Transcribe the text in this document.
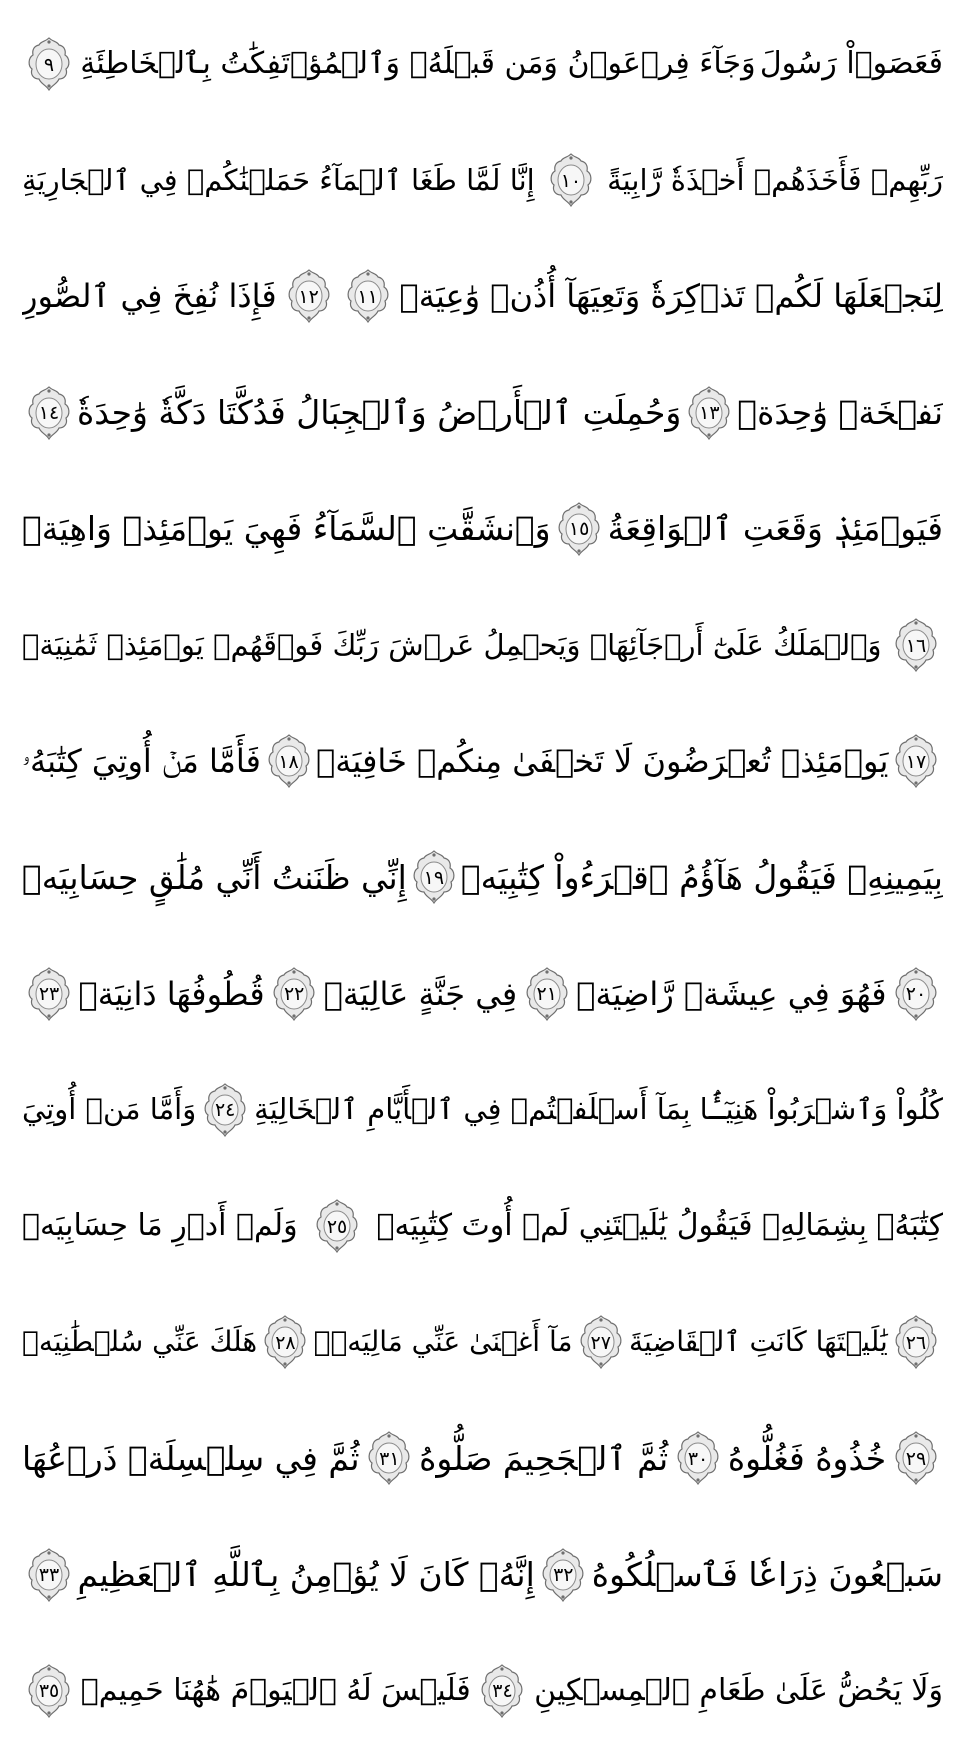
فَعَصَوۡاْ رَسُولَ
وَجَآءَ فِرۡعَوۡنُ وَمَن قَبۡلَهُۥ وَٱلۡمُؤۡتَفِكَٰتُ بِٱلۡخَاطِئَةِ
٩
رَبِّهِمۡ فَأَخَذَهُمۡ أَخۡذَةٗ رَّابِيَةً
١٠
إِنَّا لَمَّا طَغَا ٱلۡمَآءُ حَمَلۡنَٰكُمۡ فِي ٱلۡجَارِيَةِ
لِنَجۡعَلَهَا لَكُمۡ تَذۡكِرَةٗ وَتَعِيَهَآ أُذُنٞ وَٰعِيَةٞ
١١
١٢
فَإِذَا نُفِخَ فِي ٱلصُّورِ
نَفۡخَةٞ وَٰحِدَةٞ
١٣
وَحُمِلَتِ ٱلۡأَرۡضُ وَٱلۡجِبَالُ فَدُكَّتَا دَكَّةٗ وَٰحِدَةٗ
١٤
فَيَوۡمَئِذٖ وَقَعَتِ ٱلۡوَاقِعَةُ
١٥
وَٱنشَقَّتِ ٱلسَّمَآءُ فَهِيَ يَوۡمَئِذٖ وَاهِيَةٞ
١٦
وَٱلۡمَلَكُ عَلَىٰٓ أَرۡجَآئِهَاۚ وَيَحۡمِلُ عَرۡشَ رَبِّكَ فَوۡقَهُمۡ يَوۡمَئِذٖ ثَمَٰنِيَةٞ
١٧
يَوۡمَئِذٖ تُعۡرَضُونَ لَا تَخۡفَىٰ مِنكُمۡ خَافِيَةٞ
١٨
فَأَمَّا مَنۡ أُوتِيَ كِتَٰبَهُۥ
بِيَمِينِهِۦ فَيَقُولُ هَآؤُمُ ٱقۡرَءُواْ كِتَٰبِيَهۡ
١٩
إِنِّي ظَنَنتُ أَنِّي مُلَٰقٍ حِسَابِيَهۡ
٢٠
فَهُوَ فِي عِيشَةٖ رَّاضِيَةٖ
٢١
فِي جَنَّةٍ عَالِيَةٖ
٢٢
قُطُوفُهَا دَانِيَةٞ
٢٣
كُلُواْ وَٱشۡرَبُواْ هَنِيٓـَٔۢا بِمَآ أَسۡلَفۡتُمۡ فِي ٱلۡأَيَّامِ ٱلۡخَالِيَةِ
٢٤
وَأَمَّا مَنۡ أُوتِيَ
كِتَٰبَهُۥ بِشِمَالِهِۦ فَيَقُولُ يَٰلَيۡتَنِي لَمۡ أُوتَ كِتَٰبِيَهۡ
٢٥
وَلَمۡ أَدۡرِ مَا حِسَابِيَهۡ
٢٦
يَٰلَيۡتَهَا كَانَتِ ٱلۡقَاضِيَةَ
٢٧
مَآ أَغۡنَىٰ عَنِّي مَالِيَهۡۜ
٢٨
هَلَكَ عَنِّي سُلۡطَٰنِيَهۡ
٢٩
خُذُوهُ فَغُلُّوهُ
٣٠
ثُمَّ ٱلۡجَحِيمَ صَلُّوهُ
٣١
ثُمَّ فِي سِلۡسِلَةٖ ذَرۡعُهَا
سَبۡعُونَ ذِرَاعٗا فَٱسۡلُكُوهُ
٣٢
إِنَّهُۥ كَانَ لَا يُؤۡمِنُ بِٱللَّهِ ٱلۡعَظِيمِ
٣٣
وَلَا يَحُضُّ عَلَىٰ طَعَامِ ٱلۡمِسۡكِينِ
٣٤
فَلَيۡسَ لَهُ ٱلۡيَوۡمَ هَٰهُنَا حَمِيمٞ
٣٥
